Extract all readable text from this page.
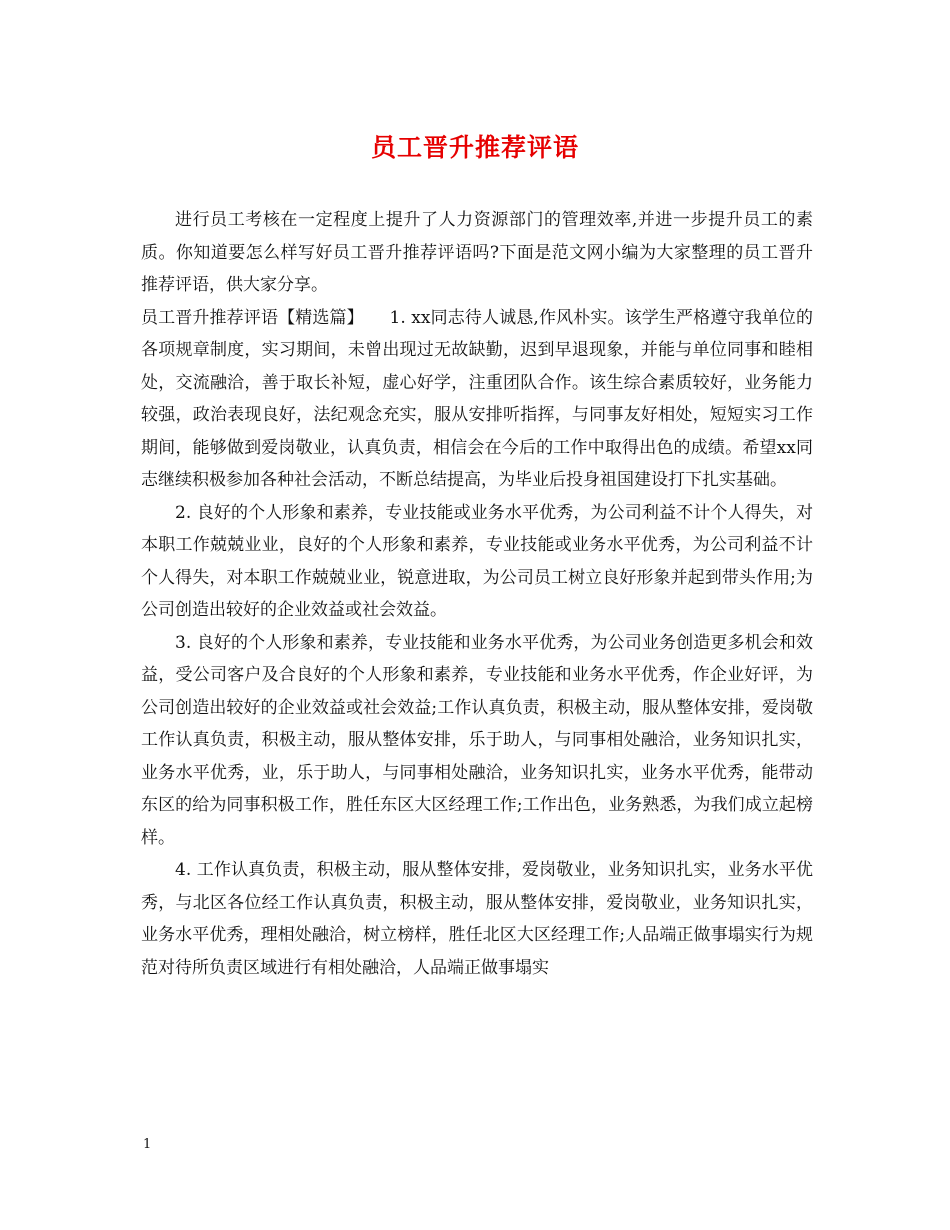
员工晋升推荐评语

进行员工考核在一定程度上提升了人力资源部门的管理效率,并进一步提升员工的素质。你知道要怎么样写好员工晋升推荐评语吗?下面是范文网小编为大家整理的员工晋升推荐评语，供大家分享。

员工晋升推荐评语【精选篇】　　1. xx同志待人诚恳,作风朴实。该学生严格遵守我单位的各项规章制度，实习期间，未曾出现过无故缺勤，迟到早退现象，并能与单位同事和睦相处，交流融洽，善于取长补短，虚心好学，注重团队合作。该生综合素质较好，业务能力较强，政治表现良好，法纪观念充实，服从安排听指挥，与同事友好相处，短短实习工作期间，能够做到爱岗敬业，认真负责，相信会在今后的工作中取得出色的成绩。希望xx同志继续积极参加各种社会活动，不断总结提高，为毕业后投身祖国建设打下扎实基础。

2. 良好的个人形象和素养，专业技能或业务水平优秀，为公司利益不计个人得失，对本职工作兢兢业业，良好的个人形象和素养，专业技能或业务水平优秀，为公司利益不计个人得失，对本职工作兢兢业业，锐意进取，为公司员工树立良好形象并起到带头作用;为公司创造出较好的企业效益或社会效益。

3. 良好的个人形象和素养，专业技能和业务水平优秀，为公司业务创造更多机会和效益，受公司客户及合良好的个人形象和素养，专业技能和业务水平优秀，作企业好评，为公司创造出较好的企业效益或社会效益;工作认真负责，积极主动，服从整体安排，爱岗敬工作认真负责，积极主动，服从整体安排，乐于助人，与同事相处融洽，业务知识扎实，业务水平优秀，业，乐于助人，与同事相处融洽，业务知识扎实，业务水平优秀，能带动东区的给为同事积极工作，胜任东区大区经理工作;工作出色，业务熟悉，为我们成立起榜样。

4. 工作认真负责，积极主动，服从整体安排，爱岗敬业，业务知识扎实，业务水平优秀，与北区各位经工作认真负责，积极主动，服从整体安排，爱岗敬业，业务知识扎实，业务水平优秀，理相处融洽，树立榜样，胜任北区大区经理工作;人品端正做事塌实行为规范对待所负责区域进行有相处融洽，人品端正做事塌实

1
